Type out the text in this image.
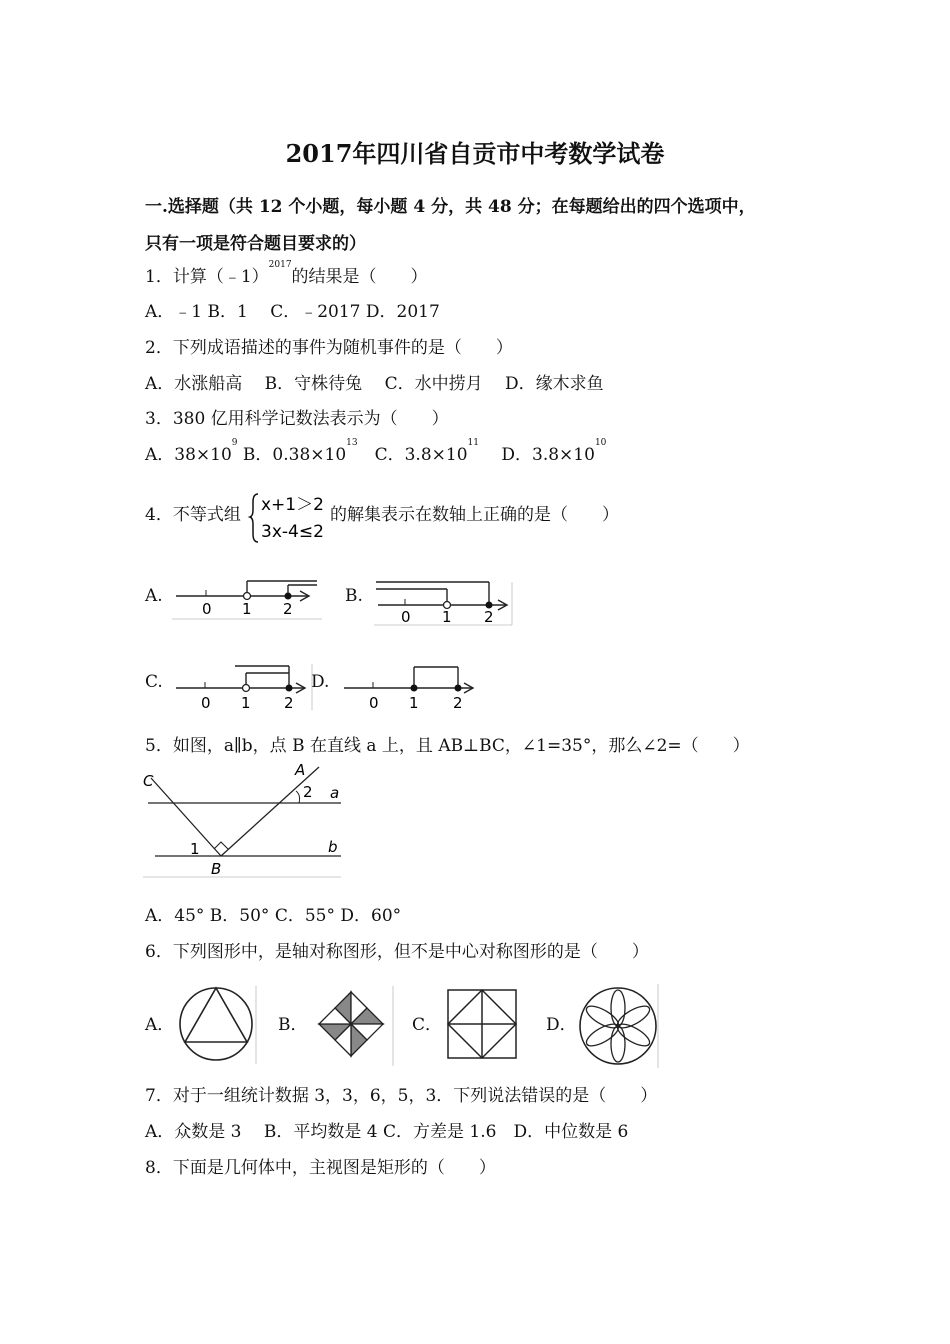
2017年四川省自贡市中考数学试卷
一.选择题（共 12 个小题，每小题 4 分，共 48 分；在每题给出的四个选项中，
只有一项是符合题目要求的）
1．计算（﹣1）$^{2017}$的结果是（　　）
A．﹣1 B．1　 C．﹣2017 D．2017
2．下列成语描述的事件为随机事件的是（　　）
A．水涨船高　 B．守株待兔　 C．水中捞月　 D．缘木求鱼
3．380 亿用科学记数法表示为（　　）
A．$38\times 10^9$ B．$0.38\times 10^{13}$　C．$3.8\times 10^{11}$　 D．$3.8\times 10^{10}$
4．不等式组 x+1＞2
3x-4≤2
的解集表示在数轴上正确的是（　　）
A.	B.
C.	D.
0 1 2	0 1 2
0 1 2	0 1 2
5．如图，a∥b，点 B 在直线 a 上，且 AB⊥BC，∠1=35°，那么∠2=（　　）
C
A
2 a
1	b
B
A．45° B．50° C．55° D．60°
6．下列图形中，是轴对称图形，但不是中心对称图形的是（　　）
A．	B．	C．	D．
7．对于一组统计数据 3，3，6，5，3．下列说法错误的是（　　）
A．众数是 3　 B．平均数是 4 C．方差是 1.6　D．中位数是 6
8．下面是几何体中，主视图是矩形的（　　）
